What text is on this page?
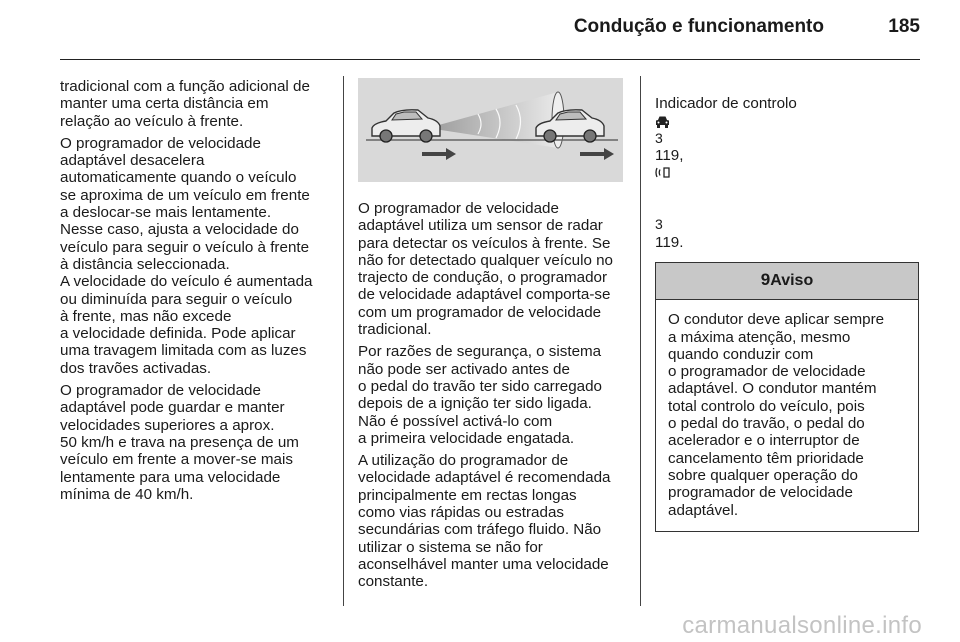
Condução e funcionamento	185

tradicional com a função adicional de
manter uma certa distância em
relação ao veículo à frente.

O programador de velocidade
adaptável desacelera
automaticamente quando o veículo
se aproxima de um veículo em frente
a deslocar-se mais lentamente.
Nesse caso, ajusta a velocidade do
veículo para seguir o veículo à frente
à distância seleccionada.
A velocidade do veículo é aumentada
ou diminuída para seguir o veículo
à frente, mas não excede
a velocidade definida. Pode aplicar
uma travagem limitada com as luzes
dos travões activadas.

O programador de velocidade
adaptável pode guardar e manter
velocidades superiores a aprox.
50 km/h e trava na presença de um
veículo em frente a mover-se mais
lentamente para uma velocidade
mínima de 40 km/h.

O programador de velocidade
adaptável utiliza um sensor de radar
para detectar os veículos à frente. Se
não for detectado qualquer veículo no
trajecto de condução, o programador
de velocidade adaptável comporta-se
com um programador de velocidade
tradicional.

Por razões de segurança, o sistema
não pode ser activado antes de
o pedal do travão ter sido carregado
depois de a ignição ter sido ligada.
Não é possível activá-lo com
a primeira velocidade engatada.

A utilização do programador de
velocidade adaptável é recomendada
principalmente em rectas longas
como vias rápidas ou estradas
secundárias com tráfego fluido. Não
utilizar o sistema se não for
aconselhável manter uma velocidade
constante.

Indicador de controlo

3
119,

3
119.

9Aviso
O condutor deve aplicar sempre
a máxima atenção, mesmo
quando conduzir com
o programador de velocidade
adaptável. O condutor mantém
total controlo do veículo, pois
o pedal do travão, o pedal do
acelerador e o interruptor de
cancelamento têm prioridade
sobre qualquer operação do
programador de velocidade
adaptável.
carmanualsonline.info
